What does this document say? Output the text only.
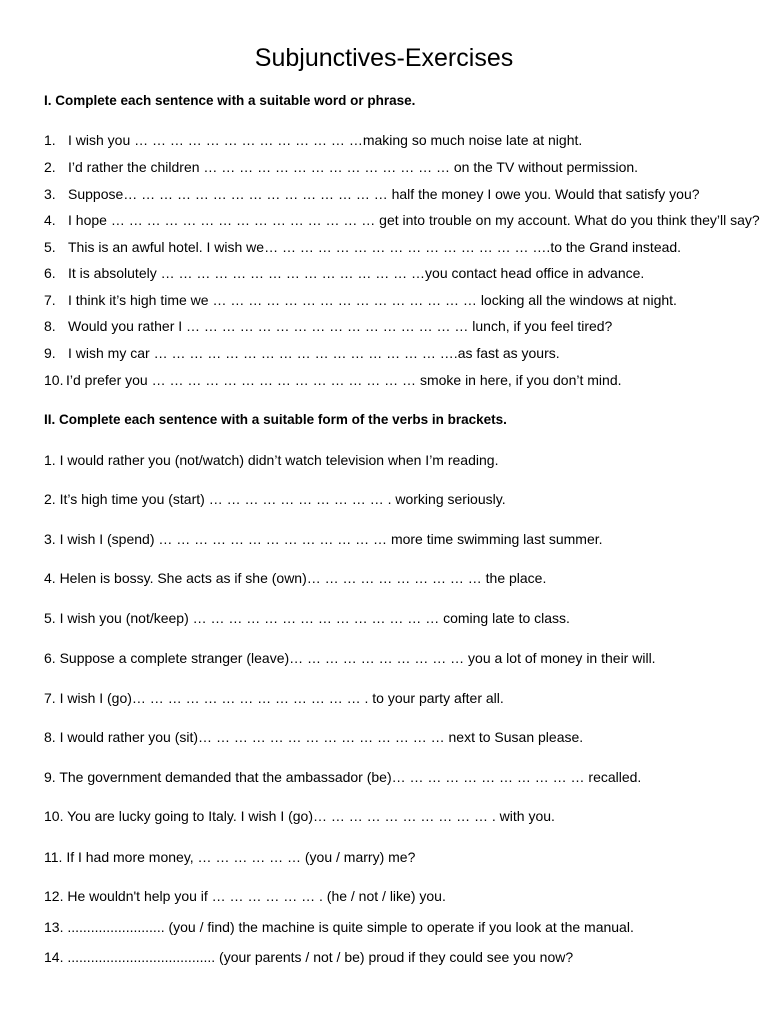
Subjunctives-Exercises

I. Complete each sentence with a suitable word or phrase.

1. I wish you … … … … … … … … … … … … …making so much noise late at night.

2. I’d rather the children … … … … … … … … … … … … … … on the TV without permission.

3. Suppose… … … … … … … … … … … … … … … half the money I owe you. Would that satisfy you?

4. I hope … … … … … … … … … … … … … … … get into trouble on my account. What do you think they’ll say?

5. This is an awful hotel. I wish we… … … … … … … … … … … … … … … ….to the Grand instead.

6. It is absolutely … … … … … … … … … … … … … … …you contact head office in advance.

7. I think it’s high time we … … … … … … … … … … … … … … … locking all the windows at night.

8. Would you rather I … … … … … … … … … … … … … … … … lunch, if you feel tired?

9. I wish my car … … … … … … … … … … … … … … … … ….as fast as yours.

10. I’d prefer you … … … … … … … … … … … … … … … smoke in here, if you don’t mind.

II. Complete each sentence with a suitable form of the verbs in brackets.

1. I would rather you (not/watch) didn’t watch television when I’m reading.

2. It’s high time you (start) … … … … … … … … … … . working seriously.

3. I wish I (spend) … … … … … … … … … … … … … more time swimming last summer.

4. Helen is bossy. She acts as if she (own)… … … … … … … … … … the place.

5. I wish you (not/keep) … … … … … … … … … … … … … … coming late to class.

6. Suppose a complete stranger (leave)… … … … … … … … … … you a lot of money in their will.

7. I wish I (go)… … … … … … … … … … … … … . to your party after all.

8. I would rather you (sit)… … … … … … … … … … … … … … next to Susan please.

9. The government demanded that the ambassador (be)… … … … … … … … … … … recalled.

10. You are lucky going to Italy. I wish I (go)… … … … … … … … … … . with you.

11. If I had more money, … … … … … … (you / marry) me?

12. He wouldn't help you if … … … … … … . (he / not / like) you.

13. ......................... (you / find) the machine is quite simple to operate if you look at the manual.

14. ...................................... (your parents / not / be) proud if they could see you now?
